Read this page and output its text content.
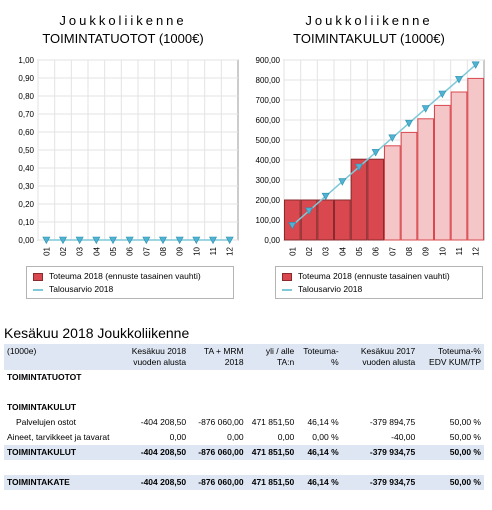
Joukkoliikenne
TOIMINTATUOTOT (1000€)
0,00
0,10
0,20
0,30
0,40
0,50
0,60
0,70
0,80
0,90
1,00
01 02 03 04 05 06 07 08 09 10 11 12
Toteuma 2018 (ennuste tasainen vauhti)
Talousarvio 2018
Joukkoliikenne
TOIMINTAKULUT (1000€)
0,00
100,00
200,00
300,00
400,00
500,00
600,00
700,00
800,00
900,00
01 02 03 04 05 06 07 08 09 10 11 12
Toteuma 2018 (ennuste tasainen vauhti)
Talousarvio 2018
Kesäkuu 2018 Joukkoliikenne
(1000e)	Kesäkuu 2018 vuoden alusta	TA + MRM 2018	yli / alle TA:n	Toteuma-%	Kesäkuu 2017 vuoden alusta	Toteuma-% EDV KUM/TP
TOIMINTATUOTOT						

TOIMINTAKULUT						
Palvelujen ostot	-404 208,50	-876 060,00	471 851,50	46,14 %	-379 894,75	50,00 %
Aineet, tarvikkeet ja tavarat	0,00	0,00	0,00	0,00 %	-40,00	50,00 %
TOIMINTAKULUT	-404 208,50	-876 060,00	471 851,50	46,14 %	-379 934,75	50,00 %

TOIMINTAKATE	-404 208,50	-876 060,00	471 851,50	46,14 %	-379 934,75	50,00 %
